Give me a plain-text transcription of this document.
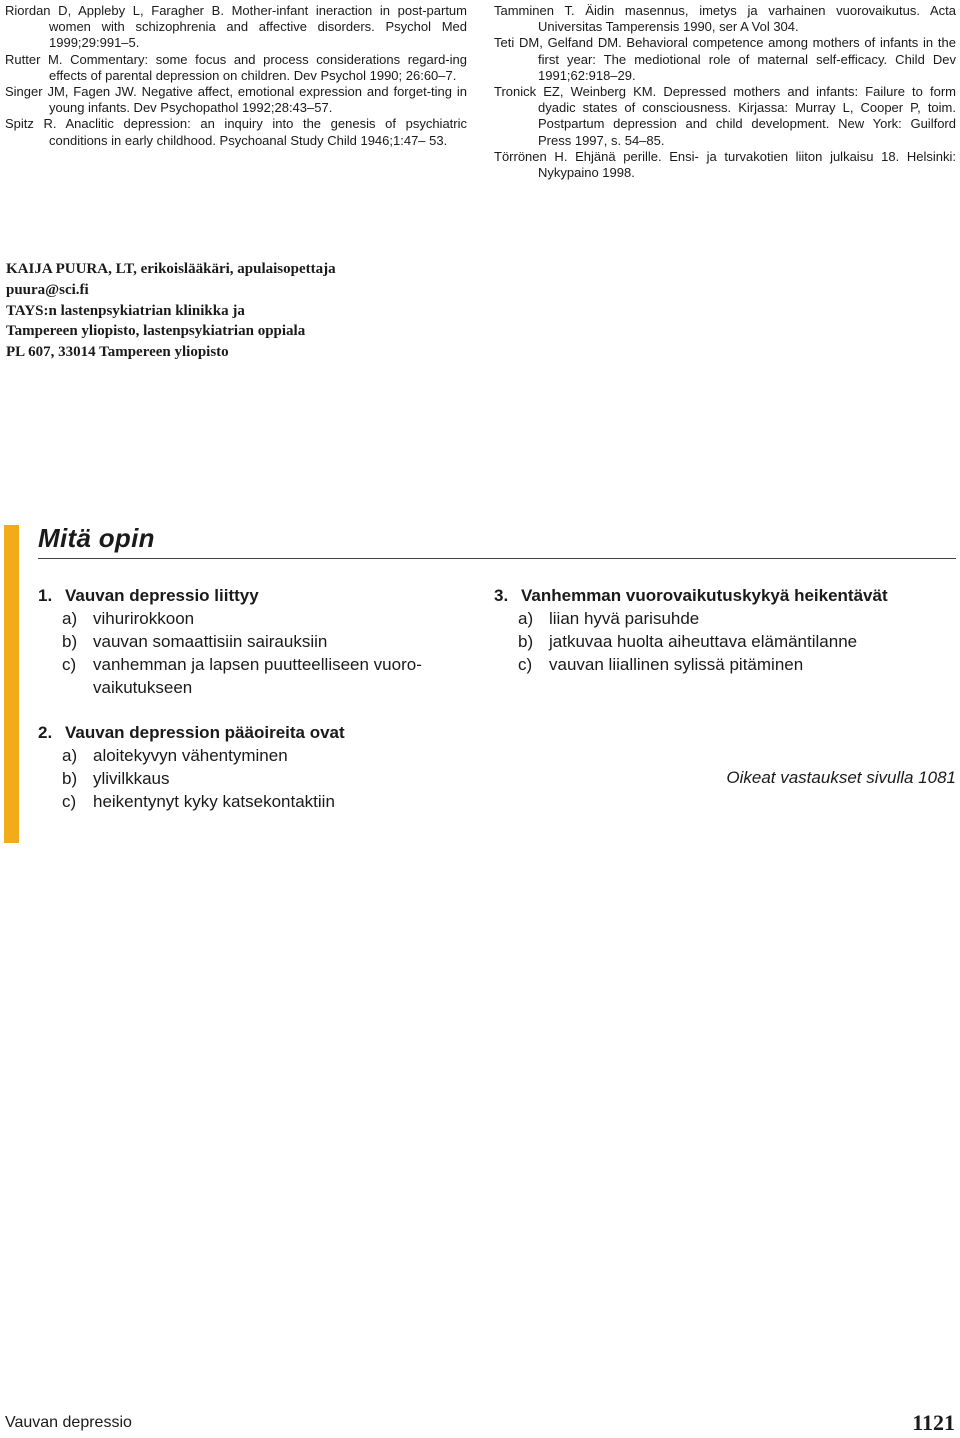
Riordan D, Appleby L, Faragher B. Mother-infant ineraction in post-partum women with schizophrenia and affective disorders. Psychol Med 1999;29:991–5.

Rutter M. Commentary: some focus and process considerations regard-ing effects of parental depression on children. Dev Psychol 1990; 26:60–7.

Singer JM, Fagen JW. Negative affect, emotional expression and forget-ting in young infants. Dev Psychopathol 1992;28:43–57.

Spitz R. Anaclitic depression: an inquiry into the genesis of psychiatric conditions in early childhood. Psychoanal Study Child 1946;1:47– 53.

Tamminen T. Äidin masennus, imetys ja varhainen vuorovaikutus. Acta Universitas Tamperensis 1990, ser A Vol 304.

Teti DM, Gelfand DM. Behavioral competence among mothers of infants in the first year: The mediotional role of maternal self-efficacy. Child Dev 1991;62:918–29.

Tronick EZ, Weinberg KM. Depressed mothers and infants: Failure to form dyadic states of consciousness. Kirjassa: Murray L, Cooper P, toim. Postpartum depression and child development. New York: Guilford Press 1997, s. 54–85.

Törrönen H. Ehjänä perille. Ensi- ja turvakotien liiton julkaisu 18. Helsinki: Nykypaino 1998.

KAIJA PUURA, LT, erikoislääkäri, apulaisopettaja
puura@sci.fi
TAYS:n lastenpsykiatrian klinikka ja
Tampereen yliopisto, lastenpsykiatrian oppiala
PL 607, 33014 Tampereen yliopisto
Mitä opin
1. Vauvan depressio liittyy
a) vihurirokkoon
b) vauvan somaattisiin sairauksiin
c) vanhemman ja lapsen puutteelliseen vuoro-vaikutukseen
2. Vauvan depression pääoireita ovat
a) aloitekyvyn vähentyminen
b) ylivilkkaus
c) heikentynyt kyky katsekontaktiin
3. Vanhemman vuorovaikutuskykyä heikentävät
a) liian hyvä parisuhde
b) jatkuvaa huolta aiheuttava elämäntilanne
c) vauvan liiallinen sylissä pitäminen
Oikeat vastaukset sivulla 1081
Vauvan depressio	1121
